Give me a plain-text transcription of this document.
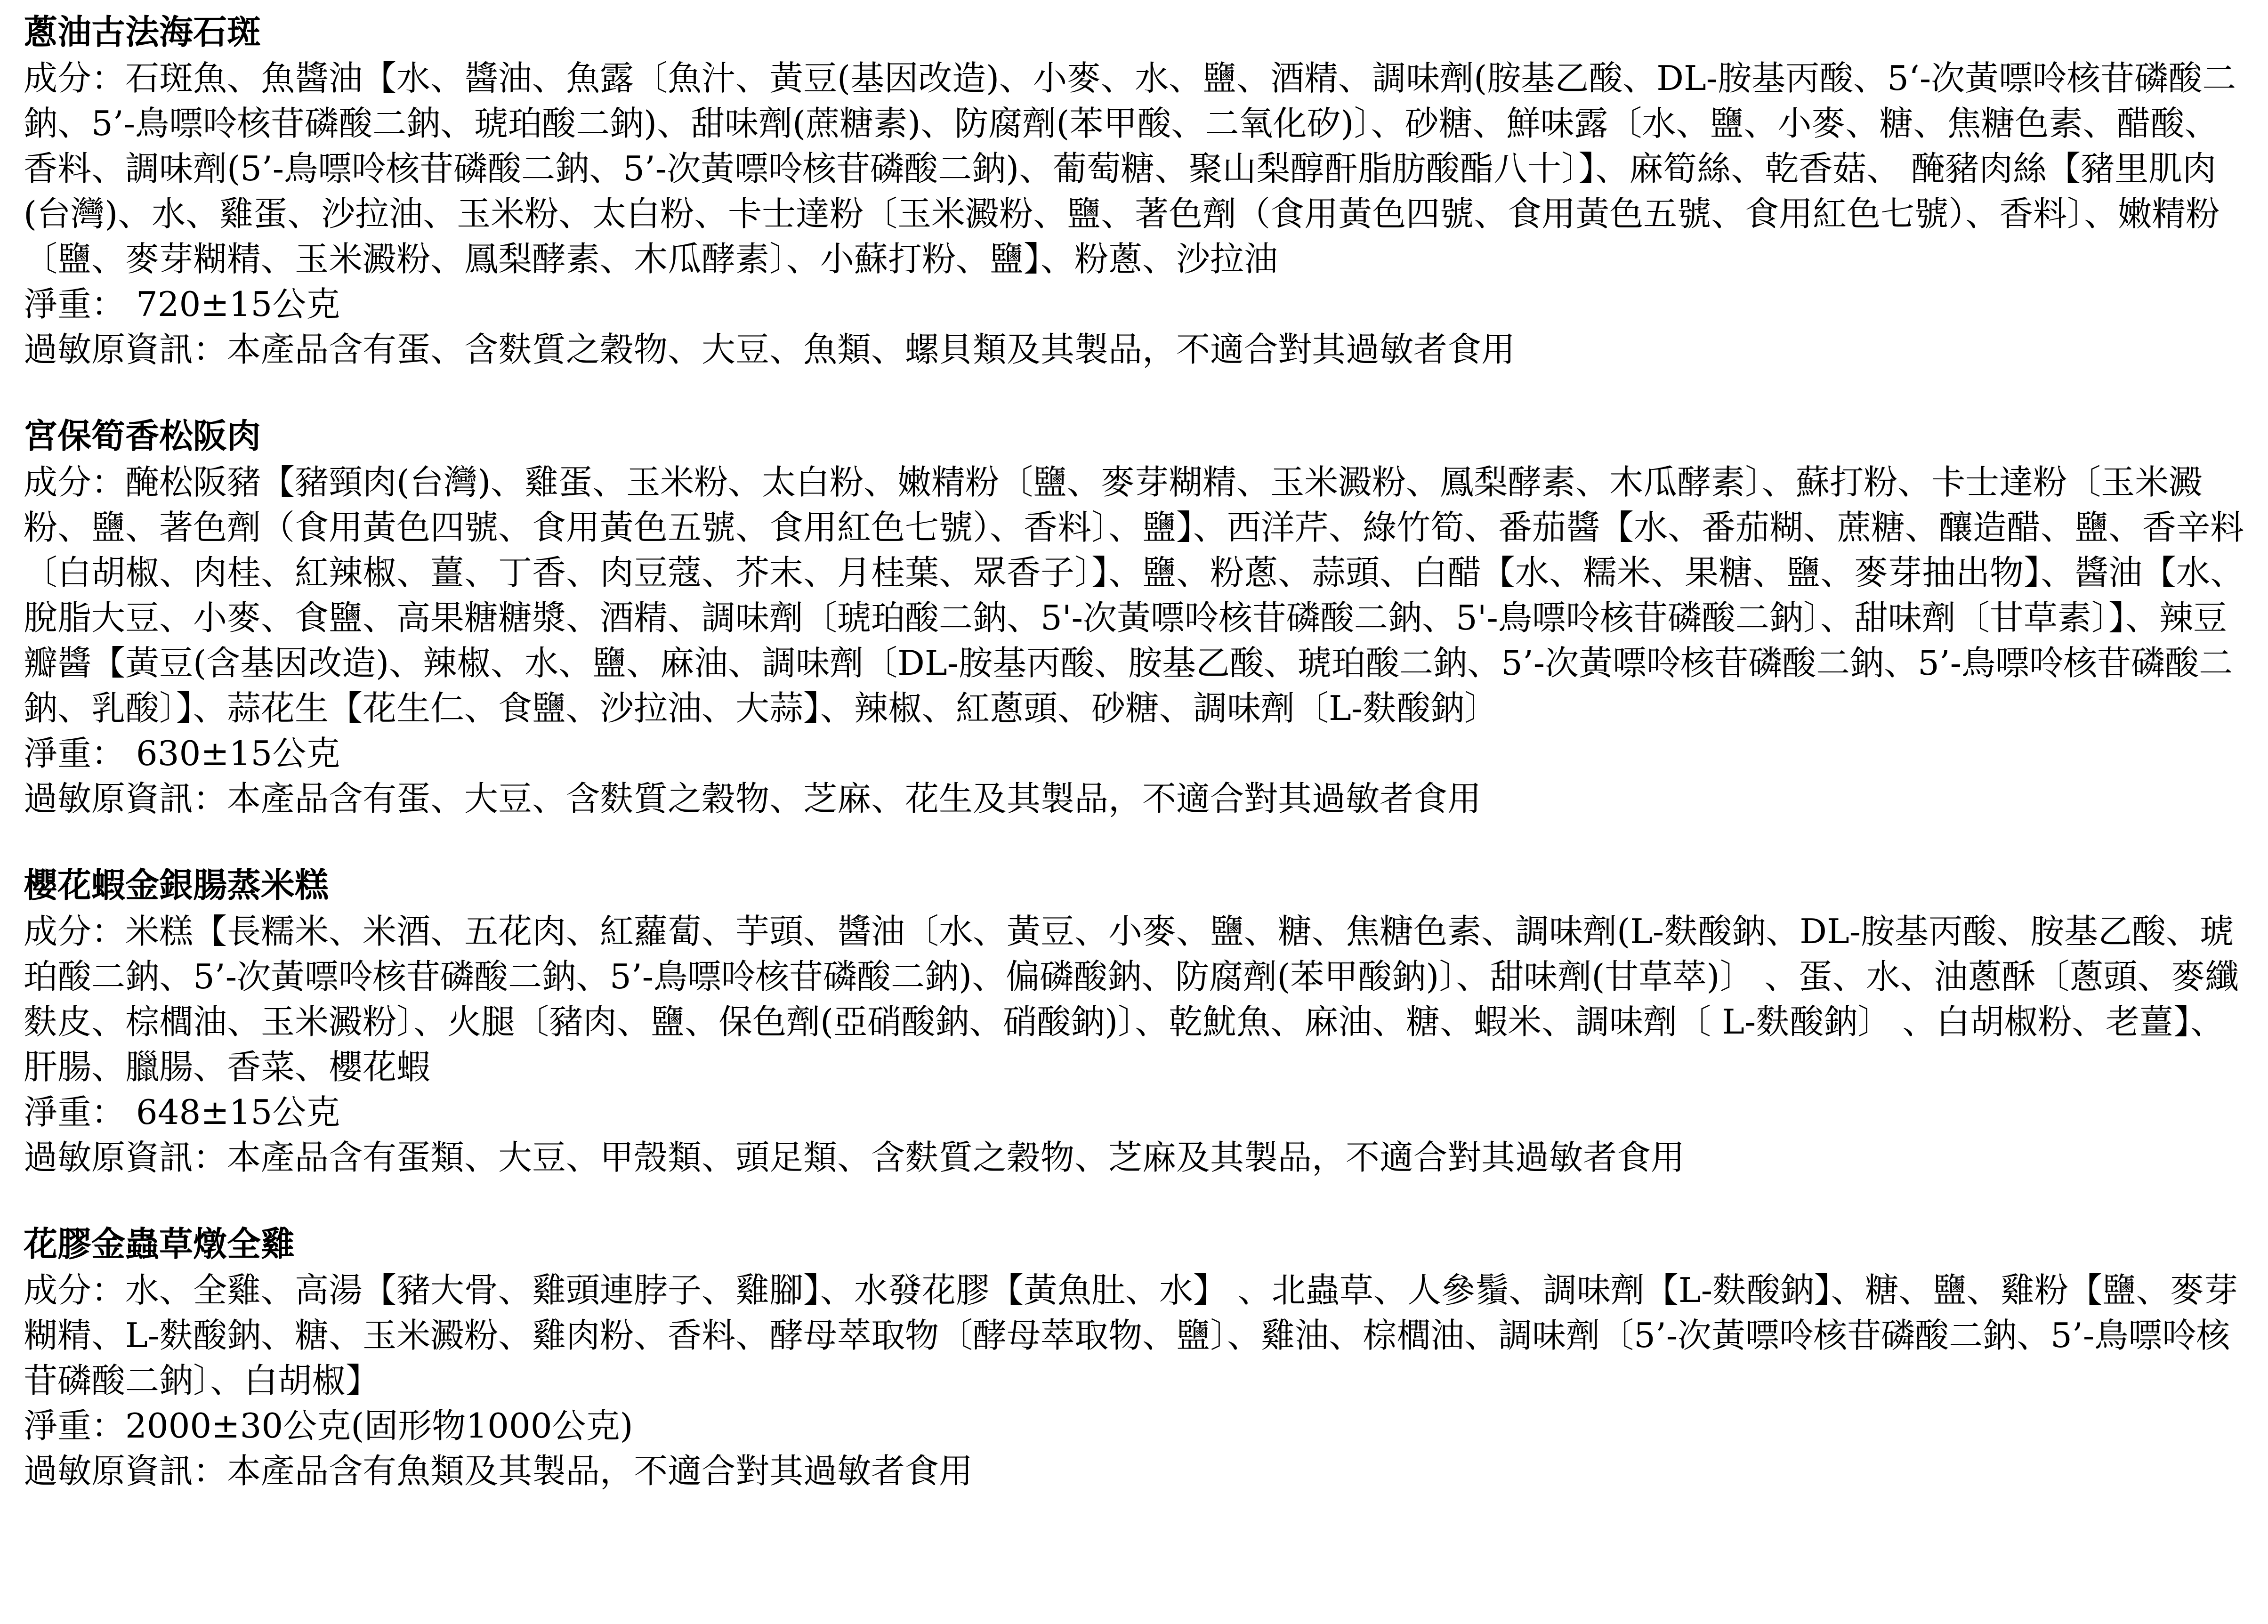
蔥油古法海石斑
成分：石斑魚、魚醬油【水、醬油、魚露〔魚汁、黃豆(基因改造)、小麥、水、鹽、酒精、調味劑(胺基乙酸、DL-胺基丙酸、5‘-次黃嘌呤核苷磷酸二鈉、5’-鳥嘌呤核苷磷酸二鈉、琥珀酸二鈉)、甜味劑(蔗糖素)、防腐劑(苯甲酸、二氧化矽)〕、砂糖、鮮味露〔水、鹽、小麥、糖、焦糖色素、醋酸、香料、調味劑(5’-鳥嘌呤核苷磷酸二鈉、5’-次黃嘌呤核苷磷酸二鈉)、葡萄糖、聚山梨醇酐脂肪酸酯八十〕】、麻筍絲、乾香菇、 醃豬肉絲【豬里肌肉(台灣)、水、雞蛋、沙拉油、玉米粉、太白粉、卡士達粉〔玉米澱粉、鹽、著色劑（食用黃色四號、食用黃色五號、食用紅色七號）、香料〕、嫩精粉〔鹽、麥芽糊精、玉米澱粉、鳳梨酵素、木瓜酵素〕、小蘇打粉、鹽】、粉蔥、沙拉油
淨重： 720±15公克
過敏原資訊：本產品含有蛋、含麩質之穀物、大豆、魚類、螺貝類及其製品，不適合對其過敏者食用
宮保筍香松阪肉
成分：醃松阪豬【豬頸肉(台灣)、雞蛋、玉米粉、太白粉、嫩精粉〔鹽、麥芽糊精、玉米澱粉、鳳梨酵素、木瓜酵素〕、蘇打粉、卡士達粉〔玉米澱粉、鹽、著色劑（食用黃色四號、食用黃色五號、食用紅色七號）、香料〕、鹽】、西洋芹、綠竹筍、番茄醬【水、番茄糊、蔗糖、釀造醋、鹽、香辛料〔白胡椒、肉桂、紅辣椒、薑、丁香、肉豆蔻、芥末、月桂葉、眾香子〕】、鹽、粉蔥、蒜頭、白醋【水、糯米、果糖、鹽、麥芽抽出物】、醬油【水、脫脂大豆、小麥、食鹽、高果糖糖漿、酒精、調味劑〔琥珀酸二鈉、5'-次黃嘌呤核苷磷酸二鈉、5'-鳥嘌呤核苷磷酸二鈉〕、甜味劑〔甘草素〕】、辣豆瓣醬【黃豆(含基因改造)、辣椒、水、鹽、麻油、調味劑〔DL-胺基丙酸、胺基乙酸、琥珀酸二鈉、5’-次黃嘌呤核苷磷酸二鈉、5’-鳥嘌呤核苷磷酸二鈉、乳酸〕】、蒜花生【花生仁、食鹽、沙拉油、大蒜】、辣椒、紅蔥頭、砂糖、調味劑〔L-麩酸鈉〕
淨重： 630±15公克
過敏原資訊：本產品含有蛋、大豆、含麩質之穀物、芝麻、花生及其製品，不適合對其過敏者食用
櫻花蝦金銀腸蒸米糕
成分：米糕【長糯米、米酒、五花肉、紅蘿蔔、芋頭、醬油〔水、黃豆、小麥、鹽、糖、焦糖色素、調味劑(L-麩酸鈉、DL-胺基丙酸、胺基乙酸、琥珀酸二鈉、5’-次黃嘌呤核苷磷酸二鈉、5’-鳥嘌呤核苷磷酸二鈉)、偏磷酸鈉、防腐劑(苯甲酸鈉)〕、甜味劑(甘草萃)〕 、蛋、水、油蔥酥〔蔥頭、麥纖麩皮、棕櫚油、玉米澱粉〕、火腿〔豬肉、鹽、保色劑(亞硝酸鈉、硝酸鈉)〕、乾魷魚、麻油、糖、蝦米、調味劑〔 L-麩酸鈉〕 、白胡椒粉、老薑】、肝腸、臘腸、香菜、櫻花蝦
淨重： 648±15公克
過敏原資訊：本產品含有蛋類、大豆、甲殼類、頭足類、含麩質之穀物、芝麻及其製品，不適合對其過敏者食用
花膠金蟲草燉全雞
成分：水、全雞、高湯【豬大骨、雞頭連脖子、雞腳】、水發花膠【黃魚肚、水】 、北蟲草、人參鬚、調味劑【L-麩酸鈉】、糖、鹽、雞粉【鹽、麥芽糊精、L-麩酸鈉、糖、玉米澱粉、雞肉粉、香料、酵母萃取物〔酵母萃取物、鹽〕、雞油、棕櫚油、調味劑〔5’-次黃嘌呤核苷磷酸二鈉、5’-鳥嘌呤核苷磷酸二鈉〕、白胡椒】
淨重：2000±30公克(固形物1000公克)
過敏原資訊：本產品含有魚類及其製品，不適合對其過敏者食用
